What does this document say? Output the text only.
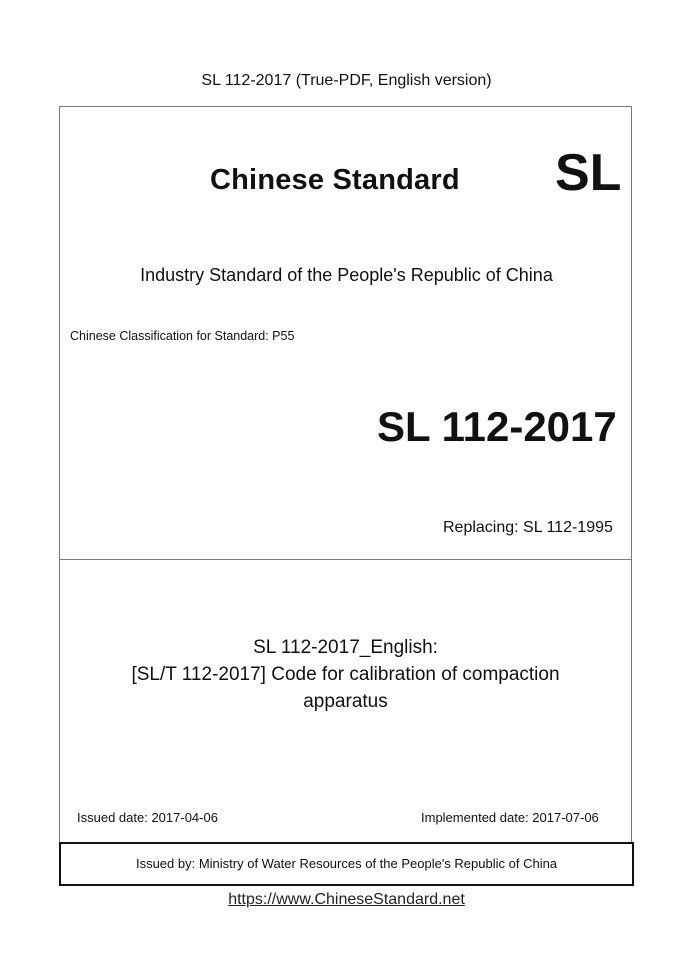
SL 112-2017 (True-PDF, English version)
Chinese Standard SL
Industry Standard of the People's Republic of China
Chinese Classification for Standard: P55
SL 112-2017
Replacing: SL 112-1995
SL 112-2017_English:
[SL/T 112-2017] Code for calibration of compaction
apparatus
Issued date: 2017-04-06	Implemented date: 2017-07-06
Issued by: Ministry of Water Resources of the People's Republic of China
https://www.ChineseStandard.net
